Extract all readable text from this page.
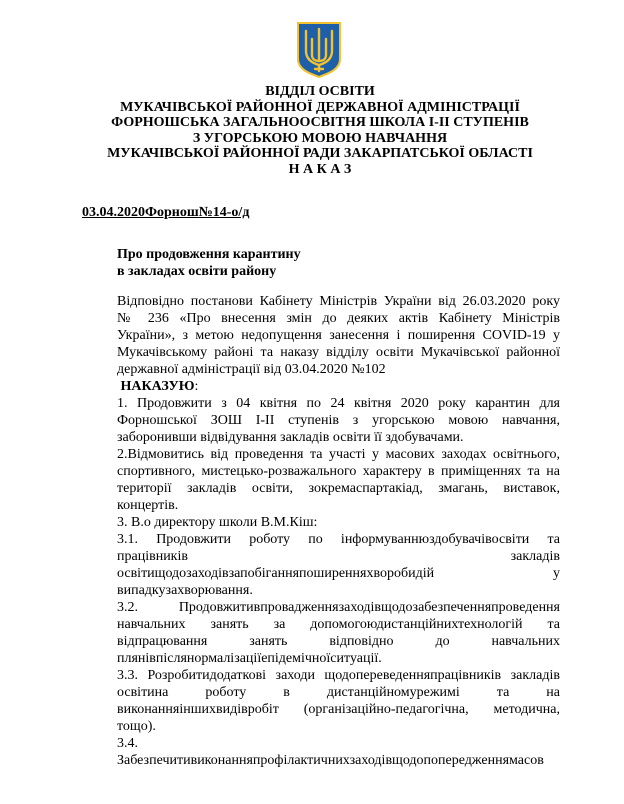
ВІДДІЛ ОСВІТИ
МУКАЧІВСЬКОЇ РАЙОННОЇ ДЕРЖАВНОЇ АДМІНІСТРАЦІЇ
ФОРНОШСЬКА ЗАГАЛЬНООСВІТНЯ ШКОЛА І-ІІ СТУПЕНІВ
З УГОРСЬКОЮ МОВОЮ НАВЧАННЯ
МУКАЧІВСЬКОЇ РАЙОННОЇ РАДИ ЗАКАРПАТСЬКОЇ ОБЛАСТІ
Н А К А З
03.04.2020Форнош№14-о/д
Про продовження карантину
в закладах освіти району

Відповідно постанови Кабінету Міністрів України від 26.03.2020 року

№ 236 «Про внесення змін до деяких актів Кабінету Міністрів

України», з метою недопущення занесення і поширення COVID-19 у

Мукачівському районі та наказу відділу освіти Мукачівської районної

державної адміністрації від 03.04.2020 №102

НАКАЗУЮ:

1. Продовжити з 04 квітня по 24 квітня 2020 року карантин для

Форношської ЗОШ І-ІІ ступенів з угорською мовою навчання,

заборонивши відвідування закладів освіти її здобувачами.

2.Відмовитись від проведення та участі у масових заходах освітнього,

спортивного, мистецько-розважального характеру в приміщеннях та на

території закладів освіти, зокремаспартакіад, змагань, виставок,

концертів.

3. В.о директору школи В.М.Кіш:

3.1. Продовжити роботу по інформуваннюздобувачівосвіти та

працівників закладів

освітищодозаходівзапобіганняпоширенняхворобидій у

випадкузахворювання.

3.2. Продовжитивпровадженнязаходівщодозабезпеченняпроведення

навчальних занять за допомогоюдистанційнихтехнологій та

відпрацювання занять відповідно до навчальних

плянівпіслянормалізаціїепідемічноїситуації.

3.3. Розробитидодаткові заходи щодопереведенняпрацівників закладів

освітина роботу в дистанційномурежимі та на

виконанняіншихвидівробіт (організаційно-педагогічна, методична,

тощо).

3.4.

Забезпечитивиконанняпрофілактичнихзаходівщодопопередженнямасов
